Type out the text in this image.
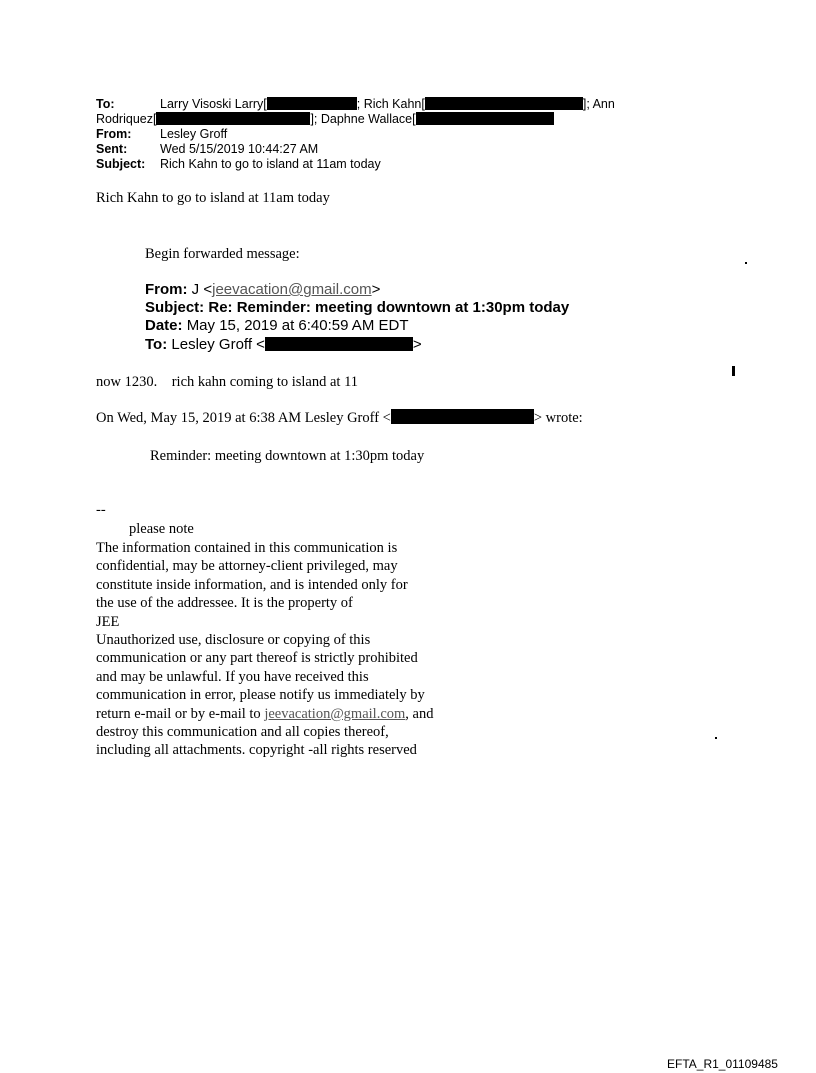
To:	Larry Visoski Larry[	; Rich Kahn[	]; Ann
Rodriquez[	]; Daphne Wallace[
From: Lesley Groff
Sent:	Wed 5/15/2019 10:44:27 AM
Subject: Rich Kahn to go to island at 11am today
Rich Kahn to go to island at 11am today
Begin forwarded message:
From: J <jeevacation@gmail.com>
Subject: Re: Reminder: meeting downtown at 1:30pm today
Date: May 15, 2019 at 6:40:59 AM EDT
To: Lesley Groff <	>
now 1230.    rich kahn coming to island at 11
On Wed, May 15, 2019 at 6:38 AM Lesley Groff <	> wrote:
Reminder: meeting downtown at 1:30pm today
--
please note
The information contained in this communication is
confidential, may be attorney-client privileged, may
constitute inside information, and is intended only for
the use of the addressee. It is the property of
JEE
Unauthorized use, disclosure or copying of this
communication or any part thereof is strictly prohibited
and may be unlawful. If you have received this
communication in error, please notify us immediately by
return e-mail or by e-mail to jeevacation@gmail.com, and
destroy this communication and all copies thereof,
including all attachments. copyright -all rights reserved
EFTA_R1_01109485
